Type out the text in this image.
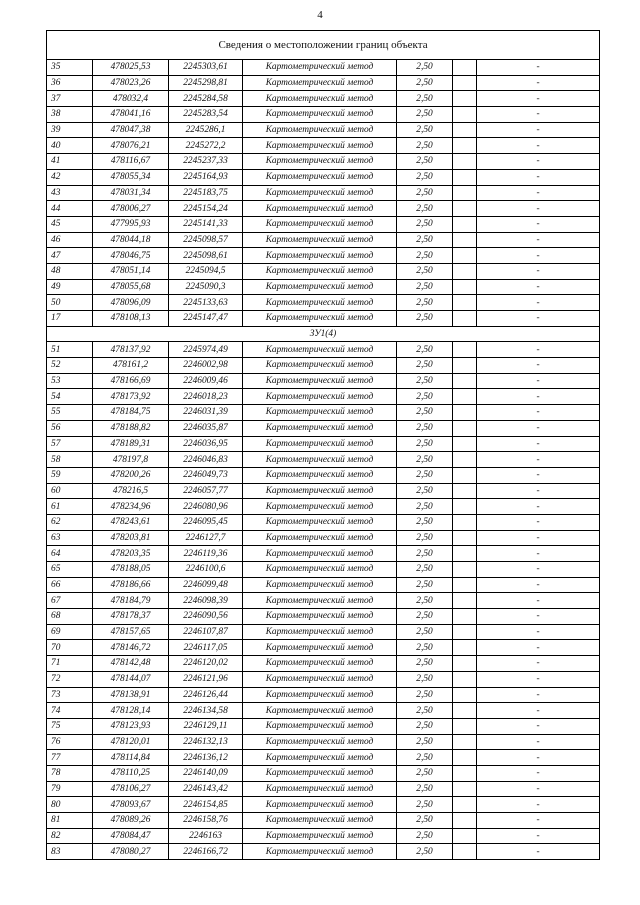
4
Сведения о местоположении границ объекта						
35	478025,53	2245303,61	Картометрический метод	2,50		-
36	478023,26	2245298,81	Картометрический метод	2,50		-
37	478032,4	2245284,58	Картометрический метод	2,50		-
38	478041,16	2245283,54	Картометрический метод	2,50		-
39	478047,38	2245286,1	Картометрический метод	2,50		-
40	478076,21	2245272,2	Картометрический метод	2,50		-
41	478116,67	2245237,33	Картометрический метод	2,50		-
42	478055,34	2245164,93	Картометрический метод	2,50		-
43	478031,34	2245183,75	Картометрический метод	2,50		-
44	478006,27	2245154,24	Картометрический метод	2,50		-
45	477995,93	2245141,33	Картометрический метод	2,50		-
46	478044,18	2245098,57	Картометрический метод	2,50		-
47	478046,75	2245098,61	Картометрический метод	2,50		-
48	478051,14	2245094,5	Картометрический метод	2,50		-
49	478055,68	2245090,3	Картометрический метод	2,50		-
50	478096,09	2245133,63	Картометрический метод	2,50		-
17	478108,13	2245147,47	Картометрический метод	2,50		-
ЗУ1(4)						
51	478137,92	2245974,49	Картометрический метод	2,50		-
52	478161,2	2246002,98	Картометрический метод	2,50		-
53	478166,69	2246009,46	Картометрический метод	2,50		-
54	478173,92	2246018,23	Картометрический метод	2,50		-
55	478184,75	2246031,39	Картометрический метод	2,50		-
56	478188,82	2246035,87	Картометрический метод	2,50		-
57	478189,31	2246036,95	Картометрический метод	2,50		-
58	478197,8	2246046,83	Картометрический метод	2,50		-
59	478200,26	2246049,73	Картометрический метод	2,50		-
60	478216,5	2246057,77	Картометрический метод	2,50		-
61	478234,96	2246080,96	Картометрический метод	2,50		-
62	478243,61	2246095,45	Картометрический метод	2,50		-
63	478203,81	2246127,7	Картометрический метод	2,50		-
64	478203,35	2246119,36	Картометрический метод	2,50		-
65	478188,05	2246100,6	Картометрический метод	2,50		-
66	478186,66	2246099,48	Картометрический метод	2,50		-
67	478184,79	2246098,39	Картометрический метод	2,50		-
68	478178,37	2246090,56	Картометрический метод	2,50		-
69	478157,65	2246107,87	Картометрический метод	2,50		-
70	478146,72	2246117,05	Картометрический метод	2,50		-
71	478142,48	2246120,02	Картометрический метод	2,50		-
72	478144,07	2246121,96	Картометрический метод	2,50		-
73	478138,91	2246126,44	Картометрический метод	2,50		-
74	478128,14	2246134,58	Картометрический метод	2,50		-
75	478123,93	2246129,11	Картометрический метод	2,50		-
76	478120,01	2246132,13	Картометрический метод	2,50		-
77	478114,84	2246136,12	Картометрический метод	2,50		-
78	478110,25	2246140,09	Картометрический метод	2,50		-
79	478106,27	2246143,42	Картометрический метод	2,50		-
80	478093,67	2246154,85	Картометрический метод	2,50		-
81	478089,26	2246158,76	Картометрический метод	2,50		-
82	478084,47	2246163	Картометрический метод	2,50		-
83	478080,27	2246166,72	Картометрический метод	2,50		-
